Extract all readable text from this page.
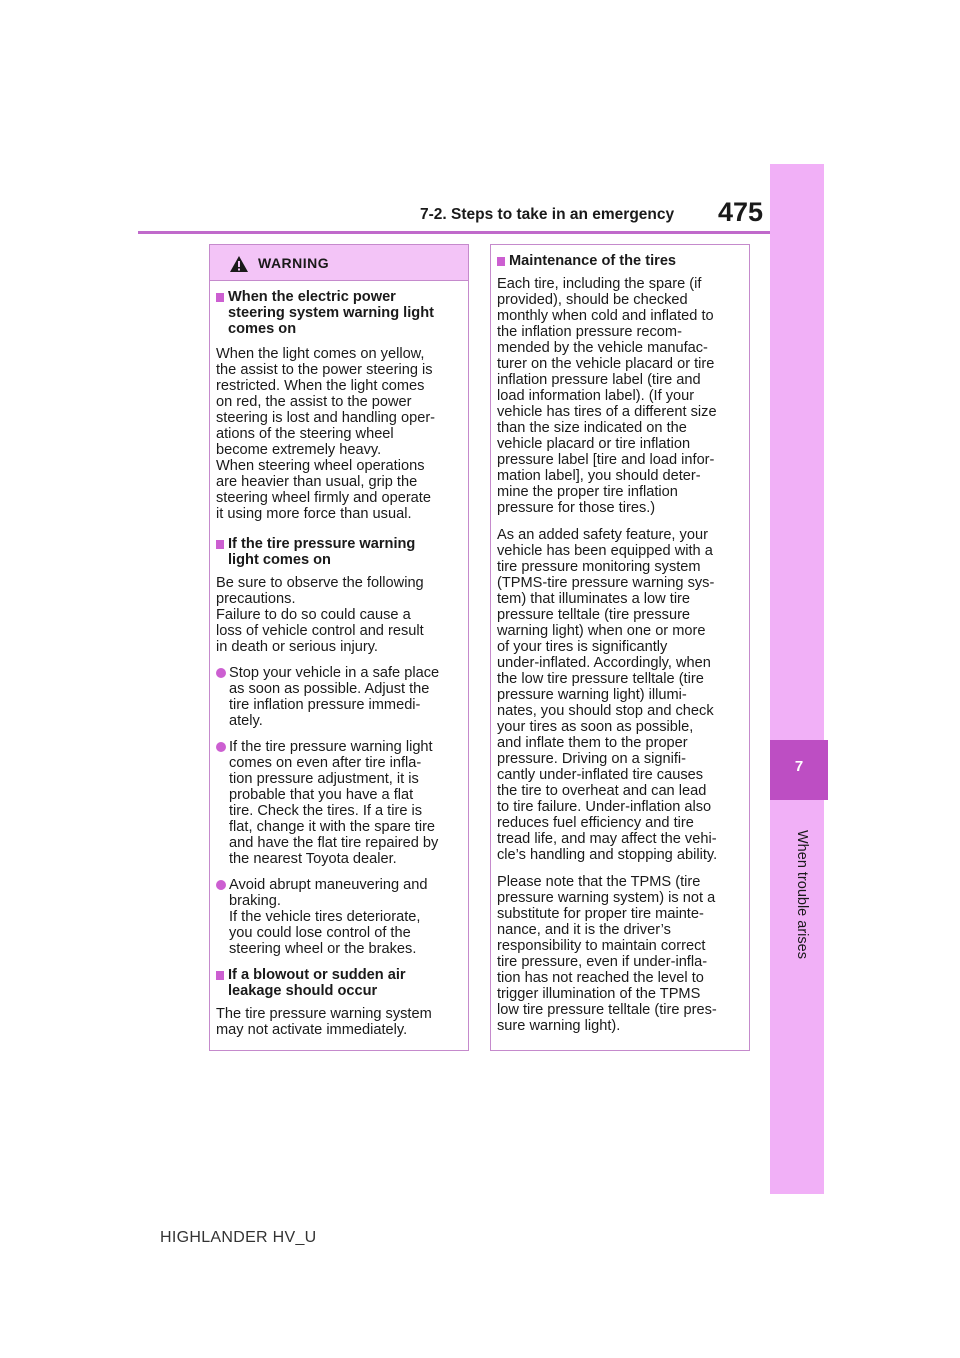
7-2. Steps to take in an emergency 475
7
When trouble arises
WARNING
When the electric power
steering system warning light
comes on
When the light comes on yellow,
the assist to the power steering is
restricted. When the light comes
on red, the assist to the power
steering is lost and handling oper-
ations of the steering wheel
become extremely heavy.
When steering wheel operations
are heavier than usual, grip the
steering wheel firmly and operate
it using more force than usual.
If the tire pressure warning
light comes on
Be sure to observe the following
precautions.
Failure to do so could cause a
loss of vehicle control and result
in death or serious injury.
Stop your vehicle in a safe place
as soon as possible. Adjust the
tire inflation pressure immedi-
ately.
If the tire pressure warning light
comes on even after tire infla-
tion pressure adjustment, it is
probable that you have a flat
tire. Check the tires. If a tire is
flat, change it with the spare tire
and have the flat tire repaired by
the nearest Toyota dealer.
Avoid abrupt maneuvering and
braking.
If the vehicle tires deteriorate,
you could lose control of the
steering wheel or the brakes.
If a blowout or sudden air
leakage should occur
The tire pressure warning system
may not activate immediately.
Maintenance of the tires
Each tire, including the spare (if
provided), should be checked
monthly when cold and inflated to
the inflation pressure recom-
mended by the vehicle manufac-
turer on the vehicle placard or tire
inflation pressure label (tire and
load information label). (If your
vehicle has tires of a different size
than the size indicated on the
vehicle placard or tire inflation
pressure label [tire and load infor-
mation label], you should deter-
mine the proper tire inflation
pressure for those tires.)
As an added safety feature, your
vehicle has been equipped with a
tire pressure monitoring system
(TPMS-tire pressure warning sys-
tem) that illuminates a low tire
pressure telltale (tire pressure
warning light) when one or more
of your tires is significantly
under-inflated. Accordingly, when
the low tire pressure telltale (tire
pressure warning light) illumi-
nates, you should stop and check
your tires as soon as possible,
and inflate them to the proper
pressure. Driving on a signifi-
cantly under-inflated tire causes
the tire to overheat and can lead
to tire failure. Under-inflation also
reduces fuel efficiency and tire
tread life, and may affect the vehi-
cle’s handling and stopping ability.
Please note that the TPMS (tire
pressure warning system) is not a
substitute for proper tire mainte-
nance, and it is the driver’s
responsibility to maintain correct
tire pressure, even if under-infla-
tion has not reached the level to
trigger illumination of the TPMS
low tire pressure telltale (tire pres-
sure warning light).
HIGHLANDER HV_U
